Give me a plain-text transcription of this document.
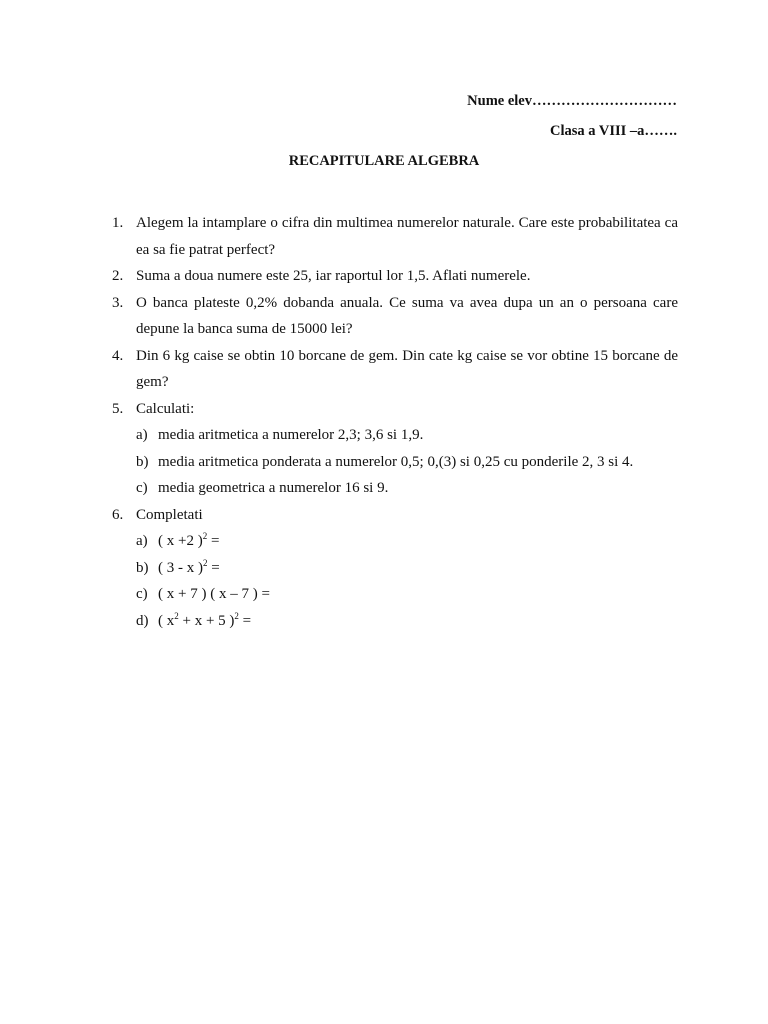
Nume elev…………………………
Clasa a VIII –a…….
RECAPITULARE ALGEBRA
1. Alegem la intamplare o cifra din multimea numerelor naturale. Care este probabilitatea ca ea sa fie patrat perfect?
2. Suma a doua numere este 25, iar raportul lor 1,5. Aflati numerele.
3. O banca plateste 0,2% dobanda anuala. Ce suma va avea dupa un an o persoana care depune la banca suma de 15000 lei?
4. Din 6 kg caise se obtin 10 borcane de gem. Din cate kg caise se vor obtine 15 borcane de gem?
5. Calculati:
a) media aritmetica a numerelor 2,3; 3,6 si 1,9.
b) media aritmetica ponderata a numerelor 0,5; 0,(3) si 0,25 cu ponderile 2, 3 si 4.
c) media geometrica a numerelor 16 si 9.
6. Completati
a) ( x +2 )$^2$ =
b) ( 3 - x )$^2$ =
c) ( x + 7 ) ( x – 7 ) =
d) ( $x^2 + x + 5$ )$^2$ =
